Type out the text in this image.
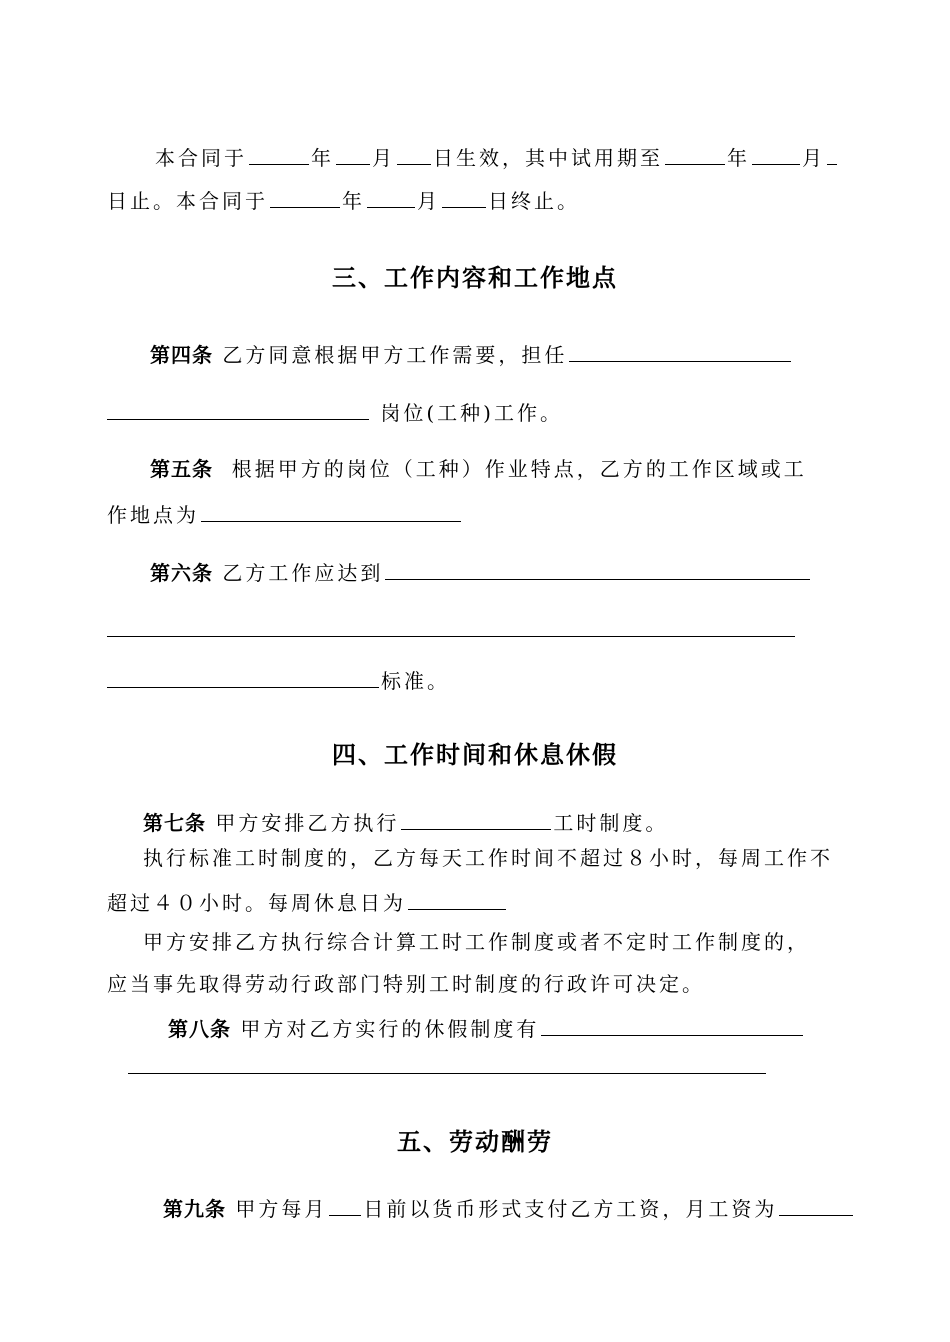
本合同于	年 月 日生效，其中试用期至	年	月
日止。本合同于	年	月 日终止。
三、工作内容和工作地点
第四条 乙方同意根据甲方工作需要，担任
岗位(工种)工作。
第五条 根据甲方的岗位（工种）作业特点，乙方的工作区域或工
作地点为
第六条 乙方工作应达到
标准。
四、工作时间和休息休假
第七条 甲方安排乙方执行	工时制度。
执行标准工时制度的，乙方每天工作时间不超过８小时，每周工作不
超过４０小时。每周休息日为
甲方安排乙方执行综合计算工时工作制度或者不定时工作制度的，
应当事先取得劳动行政部门特别工时制度的行政许可决定。
第八条 甲方对乙方实行的休假制度有
五、劳动酬劳
第九条 甲方每月 日前以货币形式支付乙方工资，月工资为
